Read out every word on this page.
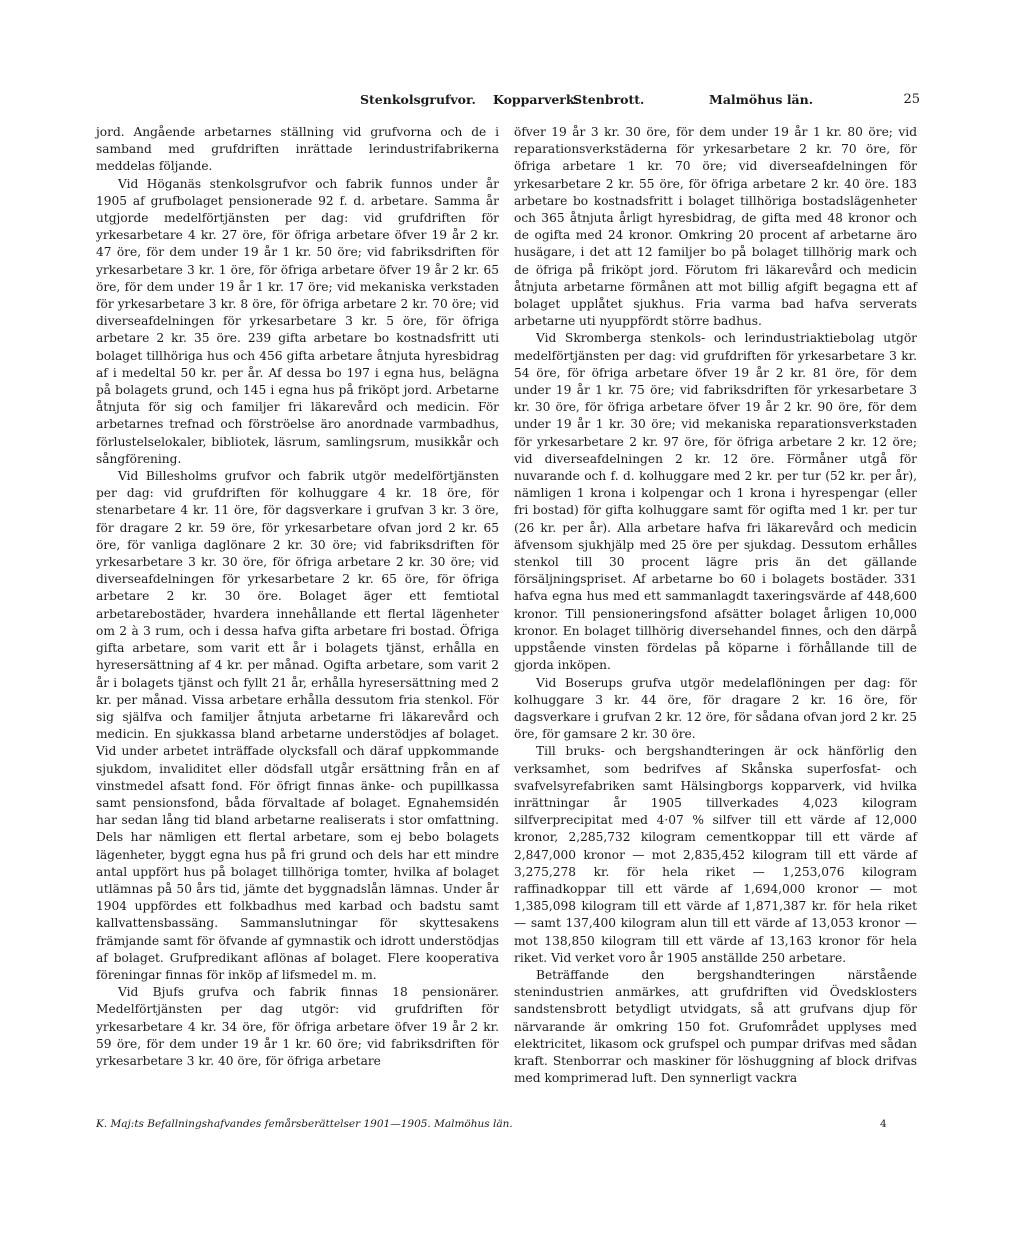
Stenkolsgrufvor. Kopparverk.
Stenbrott.	Malmöhus län.	25

jord. Angående arbetarnes ställning vid grufvorna och de i samband med grufdriften inrättade lerindustrifabrikerna meddelas följande.

Vid Höganäs stenkolsgrufvor och fabrik funnos under år 1905 af grufbolaget pensionerade 92 f. d. arbetare. Samma år utgjorde medelförtjänsten per dag: vid grufdriften för yrkesarbetare 4 kr. 27 öre, för öfriga arbetare öfver 19 år 2 kr. 47 öre, för dem under 19 år 1 kr. 50 öre; vid fabriksdriften för yrkesarbetare 3 kr. 1 öre, för öfriga arbetare öfver 19 år 2 kr. 65 öre, för dem under 19 år 1 kr. 17 öre; vid mekaniska verkstaden för yrkesarbetare 3 kr. 8 öre, för öfriga arbetare 2 kr. 70 öre; vid diverseafdelningen för yrkesarbetare 3 kr. 5 öre, för öfriga arbetare 2 kr. 35 öre. 239 gifta arbetare bo kostnadsfritt uti bolaget tillhöriga hus och 456 gifta arbetare åtnjuta hyresbidrag af i medeltal 50 kr. per år. Af dessa bo 197 i egna hus, belägna på bolagets grund, och 145 i egna hus på friköpt jord. Arbetarne åtnjuta för sig och familjer fri läkarevård och medicin. För arbetarnes trefnad och förströelse äro anordnade varmbadhus, förlustelselokaler, bibliotek, läsrum, samlingsrum, musikkår och sångförening.

Vid Billesholms grufvor och fabrik utgör medelförtjänsten per dag: vid grufdriften för kolhuggare 4 kr. 18 öre, för stenarbetare 4 kr. 11 öre, för dagsverkare i grufvan 3 kr. 3 öre, för dragare 2 kr. 59 öre, för yrkesarbetare ofvan jord 2 kr. 65 öre, för vanliga daglönare 2 kr. 30 öre; vid fabriksdriften för yrkesarbetare 3 kr. 30 öre, för öfriga arbetare 2 kr. 30 öre; vid diverseafdelningen för yrkesarbetare 2 kr. 65 öre, för öfriga arbetare 2 kr. 30 öre. Bolaget äger ett femtiotal arbetarebostäder, hvardera innehållande ett flertal lägenheter om 2 à 3 rum, och i dessa hafva gifta arbetare fri bostad. Öfriga gifta arbetare, som varit ett år i bolagets tjänst, erhålla en hyresersättning af 4 kr. per månad. Ogifta arbetare, som varit 2 år i bolagets tjänst och fyllt 21 år, erhålla hyresersättning med 2 kr. per månad. Vissa arbetare erhålla dessutom fria stenkol. För sig själfva och familjer åtnjuta arbetarne fri läkarevård och medicin. En sjukkassa bland arbetarne understödjes af bolaget. Vid under arbetet inträffade olycksfall och däraf uppkommande sjukdom, invaliditet eller dödsfall utgår ersättning från en af vinstmedel afsatt fond. För öfrigt finnas änke- och pupillkassa samt pensionsfond, båda förvaltade af bolaget. Egnahemsidén har sedan lång tid bland arbetarne realiserats i stor omfattning. Dels har nämligen ett flertal arbetare, som ej bebo bolagets lägenheter, byggt egna hus på fri grund och dels har ett mindre antal uppfört hus på bolaget tillhöriga tomter, hvilka af bolaget utlämnas på 50 års tid, jämte det byggnadslån lämnas. Under år 1904 uppfördes ett folkbadhus med karbad och badstu samt kallvattensbassäng. Sammanslutningar för skyttesakens främjande samt för öfvande af gymnastik och idrott understödjas af bolaget. Grufpredikant aflönas af bolaget. Flere kooperativa föreningar finnas för inköp af lifsmedel m. m.

Vid Bjufs grufva och fabrik finnas 18 pensionärer. Medelförtjänsten per dag utgör: vid grufdriften för yrkesarbetare 4 kr. 34 öre, för öfriga arbetare öfver 19 år 2 kr. 59 öre, för dem under 19 år 1 kr. 60 öre; vid fabriksdriften för yrkesarbetare 3 kr. 40 öre, för öfriga arbetare

öfver 19 år 3 kr. 30 öre, för dem under 19 år 1 kr. 80 öre; vid reparationsverkstäderna för yrkesarbetare 2 kr. 70 öre, för öfriga arbetare 1 kr. 70 öre; vid diverseafdelningen för yrkesarbetare 2 kr. 55 öre, för öfriga arbetare 2 kr. 40 öre. 183 arbetare bo kostnadsfritt i bolaget tillhöriga bostadslägenheter och 365 åtnjuta årligt hyresbidrag, de gifta med 48 kronor och de ogifta med 24 kronor. Omkring 20 procent af arbetarne äro husägare, i det att 12 familjer bo på bolaget tillhörig mark och de öfriga på friköpt jord. Förutom fri läkarevård och medicin åtnjuta arbetarne förmånen att mot billig afgift begagna ett af bolaget upplåtet sjukhus. Fria varma bad hafva serverats arbetarne uti nyuppfördt större badhus.

Vid Skromberga stenkols- och lerindustriaktiebolag utgör medelförtjänsten per dag: vid grufdriften för yrkesarbetare 3 kr. 54 öre, för öfriga arbetare öfver 19 år 2 kr. 81 öre, för dem under 19 år 1 kr. 75 öre; vid fabriksdriften för yrkesarbetare 3 kr. 30 öre, för öfriga arbetare öfver 19 år 2 kr. 90 öre, för dem under 19 år 1 kr. 30 öre; vid mekaniska reparationsverkstaden för yrkesarbetare 2 kr. 97 öre, för öfriga arbetare 2 kr. 12 öre; vid diverseafdelningen 2 kr. 12 öre. Förmåner utgå för nuvarande och f. d. kolhuggare med 2 kr. per tur (52 kr. per år), nämligen 1 krona i kolpengar och 1 krona i hyrespengar (eller fri bostad) för gifta kolhuggare samt för ogifta med 1 kr. per tur (26 kr. per år). Alla arbetare hafva fri läkarevård och medicin äfvensom sjukhjälp med 25 öre per sjukdag. Dessutom erhålles stenkol till 30 procent lägre pris än det gällande försäljningspriset. Af arbetarne bo 60 i bolagets bostäder. 331 hafva egna hus med ett sammanlagdt taxeringsvärde af 448,600 kronor. Till pensioneringsfond afsätter bolaget årligen 10,000 kronor. En bolaget tillhörig diversehandel finnes, och den därpå uppstående vinsten fördelas på köparne i förhållande till de gjorda inköpen.

Vid Boserups grufva utgör medelaflöningen per dag: för kolhuggare 3 kr. 44 öre, för dragare 2 kr. 16 öre, för dagsverkare i grufvan 2 kr. 12 öre, för sådana ofvan jord 2 kr. 25 öre, för gamsare 2 kr. 30 öre.

Till bruks- och bergshandteringen är ock hänförlig den verksamhet, som bedrifves af Skånska superfosfat- och svafvelsyrefabriken samt Hälsingborgs kopparverk, vid hvilka inrättningar år 1905 tillverkades 4,023 kilogram silfverprecipitat med 4·07 % silfver till ett värde af 12,000 kronor, 2,285,732 kilogram cementkoppar till ett värde af 2,847,000 kronor — mot 2,835,452 kilogram till ett värde af 3,275,278 kr. för hela riket — 1,253,076 kilogram raffinadkoppar till ett värde af 1,694,000 kronor — mot 1,385,098 kilogram till ett värde af 1,871,387 kr. för hela riket — samt 137,400 kilogram alun till ett värde af 13,053 kronor — mot 138,850 kilogram till ett värde af 13,163 kronor för hela riket. Vid verket voro år 1905 anställde 250 arbetare.

Beträffande den bergshandteringen närstående stenindustrien anmärkes, att grufdriften vid Övedsklosters sandstensbrott betydligt utvidgats, så att grufvans djup för närvarande är omkring 150 fot. Grufområdet upplyses med elektricitet, likasom ock grufspel och pumpar drifvas med sådan kraft. Stenborrar och maskiner för löshuggning af block drifvas med komprimerad luft. Den synnerligt vackra

K. Maj:ts Befallningshafvandes femårsberättelser 1901—1905. Malmöhus län.	4
